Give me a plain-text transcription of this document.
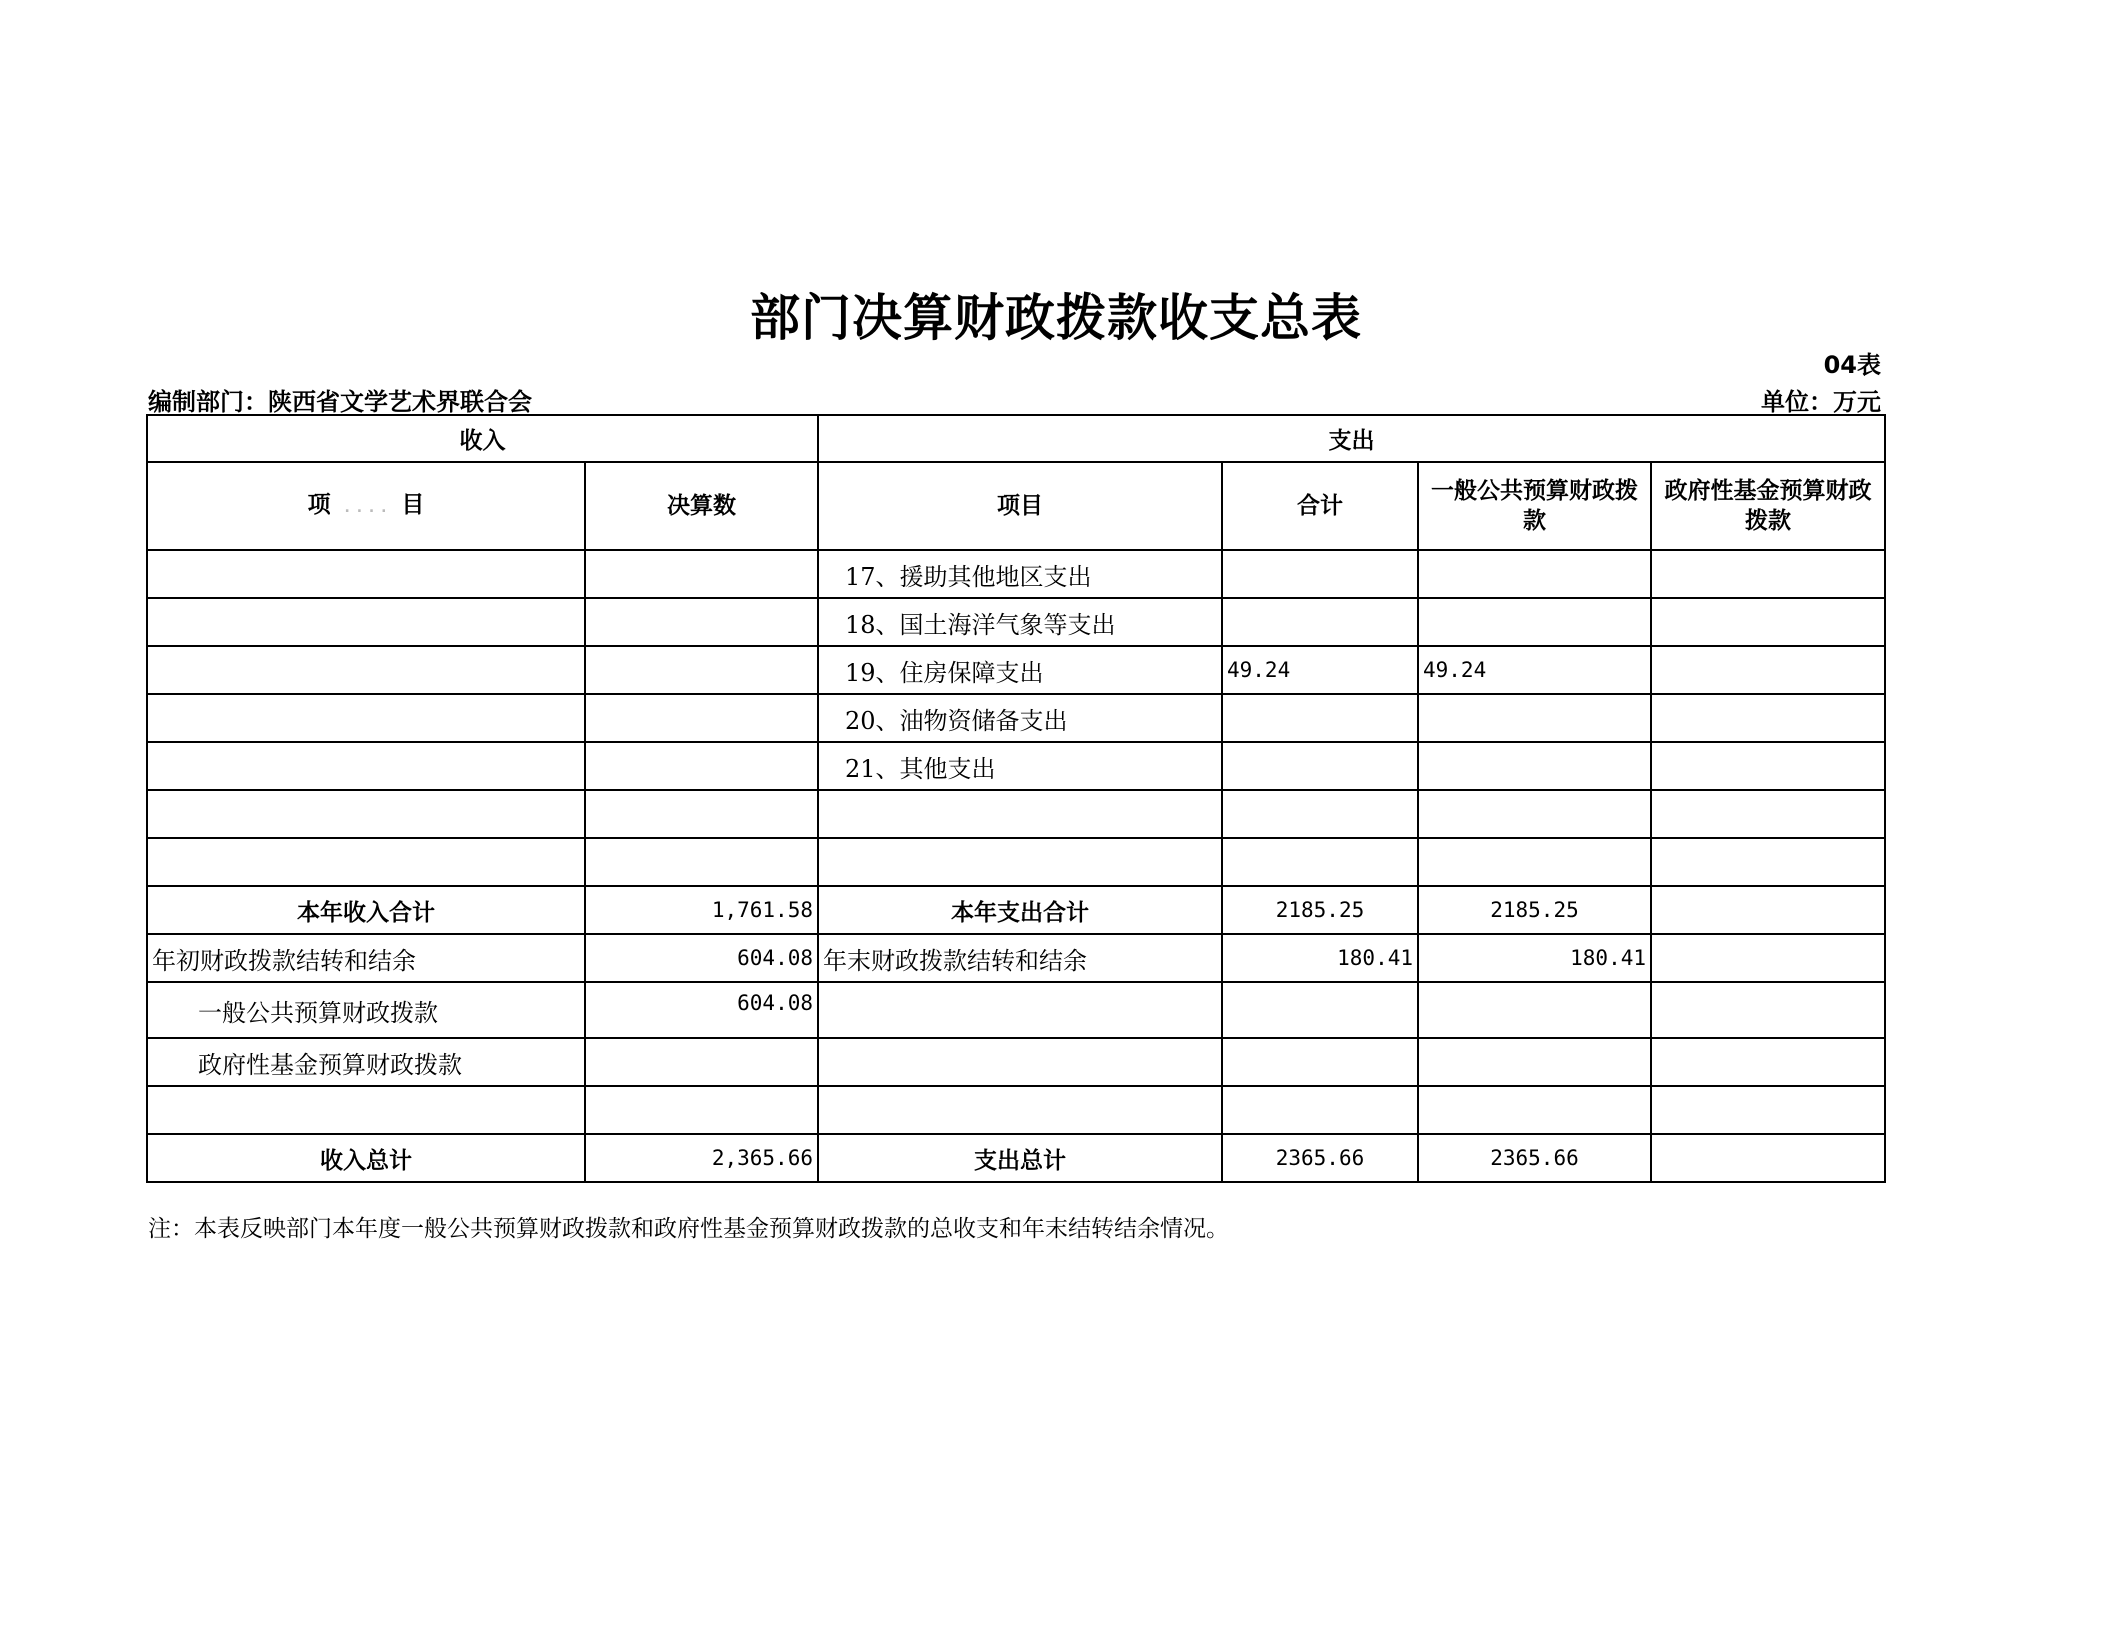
部门决算财政拨款收支总表
04表
编制部门：陕西省文学艺术界联合会	单位：万元
收入		支出			
项  . . . .  目	决算数	项目	合计	一般公共预算财政拨款	政府性基金预算财政拨款
		17、援助其他地区支出			
		18、国土海洋气象等支出			
		19、住房保障支出	49.24	49.24	
		20、油物资储备支出			
		21、其他支出			

本年收入合计	1,761.58	本年支出合计	2185.25	2185.25	
年初财政拨款结转和结余	604.08	年末财政拨款结转和结余	180.41	180.41	
一般公共预算财政拨款	604.08				
政府性基金预算财政拨款					

收入总计	2,365.66	支出总计	2365.66	2365.66	
注：本表反映部门本年度一般公共预算财政拨款和政府性基金预算财政拨款的总收支和年末结转结余情况。
